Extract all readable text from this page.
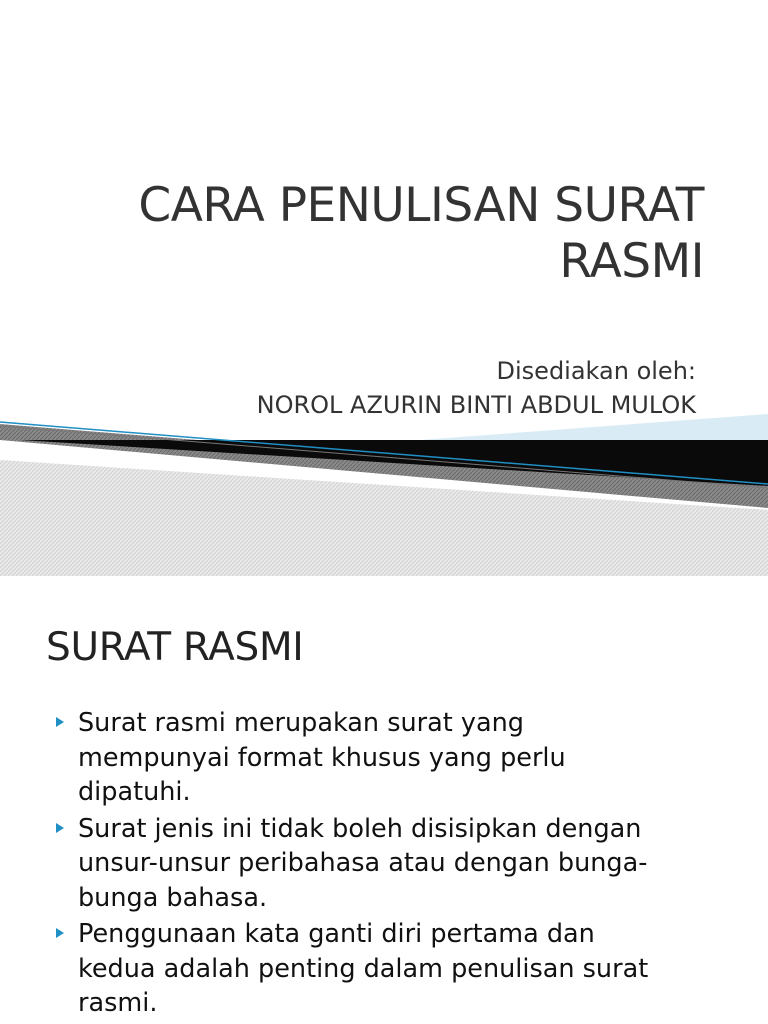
CARA PENULISAN SURAT
RASMI
Disediakan oleh:
NOROL AZURIN BINTI ABDUL MULOK
SURAT RASMI
Surat rasmi merupakan surat yang
mempunyai format khusus yang perlu
dipatuhi.
Surat jenis ini tidak boleh disisipkan dengan
unsur-unsur peribahasa atau dengan bunga-
bunga bahasa.
Penggunaan kata ganti diri pertama dan
kedua adalah penting dalam penulisan surat
rasmi.
